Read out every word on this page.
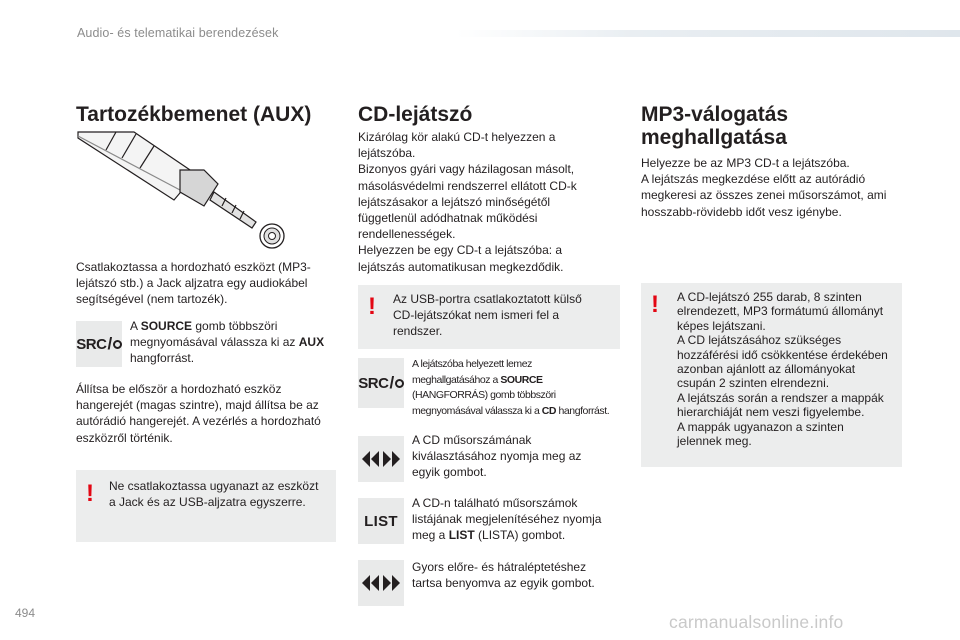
Audio- és telematikai berendezések
Tartozékbemenet (AUX)
Csatlakoztassa a hordozható eszközt (MP3-
lejátszó stb.) a Jack aljzatra egy audiokábel
segítségével (nem tartozék).
SRC /
A SOURCE gomb többszöri
megnyomásával válassza ki az AUX
hangforrást.
Állítsa be először a hordozható eszköz
hangerejét (magas szintre), majd állítsa be az
autórádió hangerejét. A vezérlés a hordozható
eszközről történik.
! Ne csatlakoztassa ugyanazt az eszközt
a Jack és az USB-aljzatra egyszerre.
CD-lejátszó
Kizárólag kör alakú CD-t helyezzen a
lejátszóba.
Bizonyos gyári vagy házilagosan másolt,
másolásvédelmi rendszerrel ellátott CD-k
lejátszásakor a lejátszó minőségétől
függetlenül adódhatnak működési
rendellenességek.
Helyezzen be egy CD-t a lejátszóba: a
lejátszás automatikusan megkezdődik.
! Az USB-portra csatlakoztatott külső
CD-lejátszókat nem ismeri fel a
rendszer.
SRC /
A lejátszóba helyezett lemez
meghallgatásához a SOURCE
(HANGFORRÁS) gomb többszöri
megnyomásával válassza ki a CD hangforrást.
A CD műsorszámának
kiválasztásához nyomja meg az
egyik gombot.
LIST
A CD-n található műsorszámok
listájának megjelenítéséhez nyomja
meg a LIST (LISTA) gombot.
Gyors előre- és hátraléptetéshez
tartsa benyomva az egyik gombot.
MP3-válogatás
meghallgatása
Helyezze be az MP3 CD-t a lejátszóba.
A lejátszás megkezdése előtt az autórádió
megkeresi az összes zenei műsorszámot, ami
hosszabb-rövidebb időt vesz igénybe.
! A CD-lejátszó 255 darab, 8 szinten
elrendezett, MP3 formátumú állományt
képes lejátszani.
A CD lejátszásához szükséges
hozzáférési idő csökkentése érdekében
azonban ajánlott az állományokat
csupán 2 szinten elrendezni.
A lejátszás során a rendszer a mappák
hierarchiáját nem veszi figyelembe.
A mappák ugyanazon a szinten
jelennek meg.
494	carmanualsonline.info
